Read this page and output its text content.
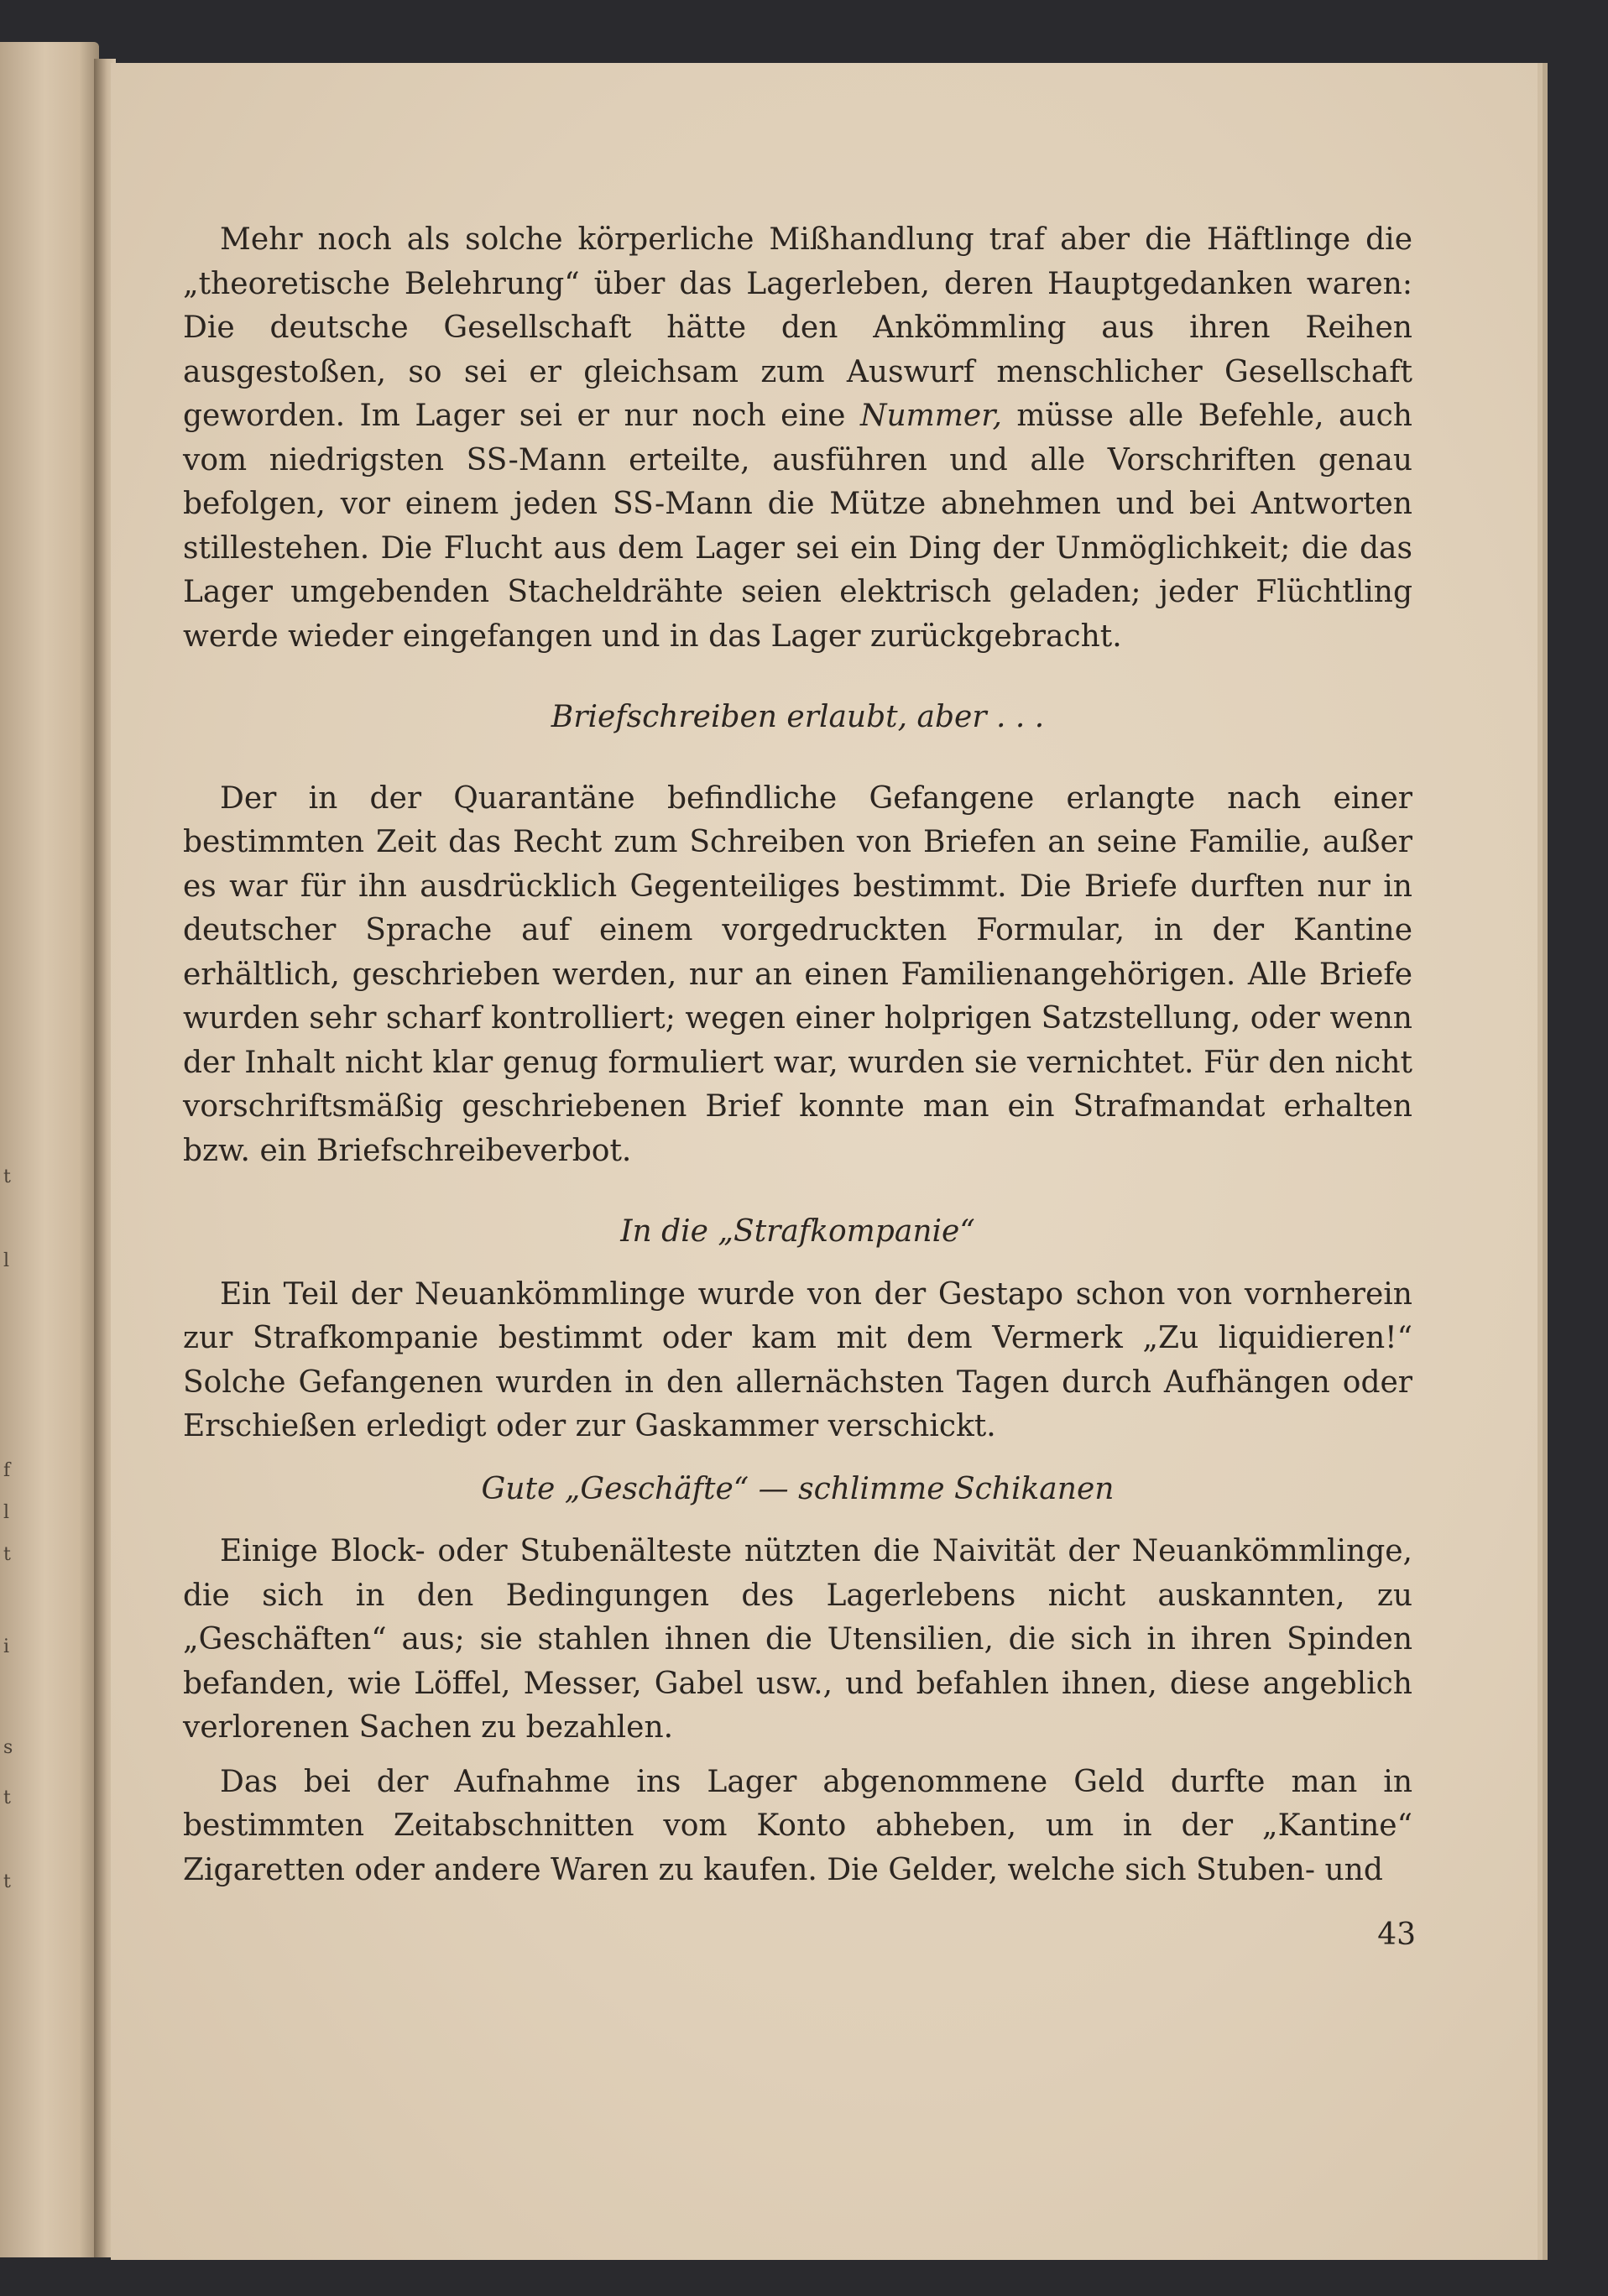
t
l
f
l
t
i
s
t
t

Mehr noch als solche körperliche Mißhandlung traf aber die Häftlinge die „theoretische Belehrung“ über das Lagerleben, deren Hauptgedanken waren: Die deutsche Gesellschaft hätte den Ankömmling aus ihren Reihen ausgestoßen, so sei er gleichsam zum Auswurf menschlicher Gesellschaft geworden. Im Lager sei er nur noch eine Nummer, müsse alle Befehle, auch vom niedrigsten SS-Mann erteilte, ausführen und alle Vorschriften genau befolgen, vor einem jeden SS-Mann die Mütze abnehmen und bei Antworten stillestehen. Die Flucht aus dem Lager sei ein Ding der Unmöglichkeit; die das Lager umgebenden Stacheldrähte seien elektrisch geladen; jeder Flüchtling werde wieder eingefangen und in das Lager zurückgebracht.

Briefschreiben erlaubt, aber . . .

Der in der Quarantäne befindliche Gefangene erlangte nach einer bestimmten Zeit das Recht zum Schreiben von Briefen an seine Familie, außer es war für ihn ausdrücklich Gegenteiliges bestimmt. Die Briefe durften nur in deutscher Sprache auf einem vorgedruckten Formular, in der Kantine erhältlich, geschrieben werden, nur an einen Familienangehörigen. Alle Briefe wurden sehr scharf kontrolliert; wegen einer holprigen Satzstellung, oder wenn der Inhalt nicht klar genug formuliert war, wurden sie vernichtet. Für den nicht vorschriftsmäßig geschriebenen Brief konnte man ein Strafmandat erhalten bzw. ein Briefschreibeverbot.

In die „Strafkompanie“

Ein Teil der Neuankömmlinge wurde von der Gestapo schon von vornherein zur Strafkompanie bestimmt oder kam mit dem Vermerk „Zu liquidieren!“ Solche Gefangenen wurden in den allernächsten Tagen durch Aufhängen oder Erschießen erledigt oder zur Gaskammer verschickt.

Gute „Geschäfte“ — schlimme Schikanen

Einige Block- oder Stubenälteste nützten die Naivität der Neuankömmlinge, die sich in den Bedingungen des Lagerlebens nicht auskannten, zu „Geschäften“ aus; sie stahlen ihnen die Utensilien, die sich in ihren Spinden befanden, wie Löffel, Messer, Gabel usw., und befahlen ihnen, diese angeblich verlorenen Sachen zu bezahlen.

Das bei der Aufnahme ins Lager abgenommene Geld durfte man in bestimmten Zeitabschnitten vom Konto abheben, um in der „Kantine“ Zigaretten oder andere Waren zu kaufen. Die Gelder, welche sich Stuben- und

43
